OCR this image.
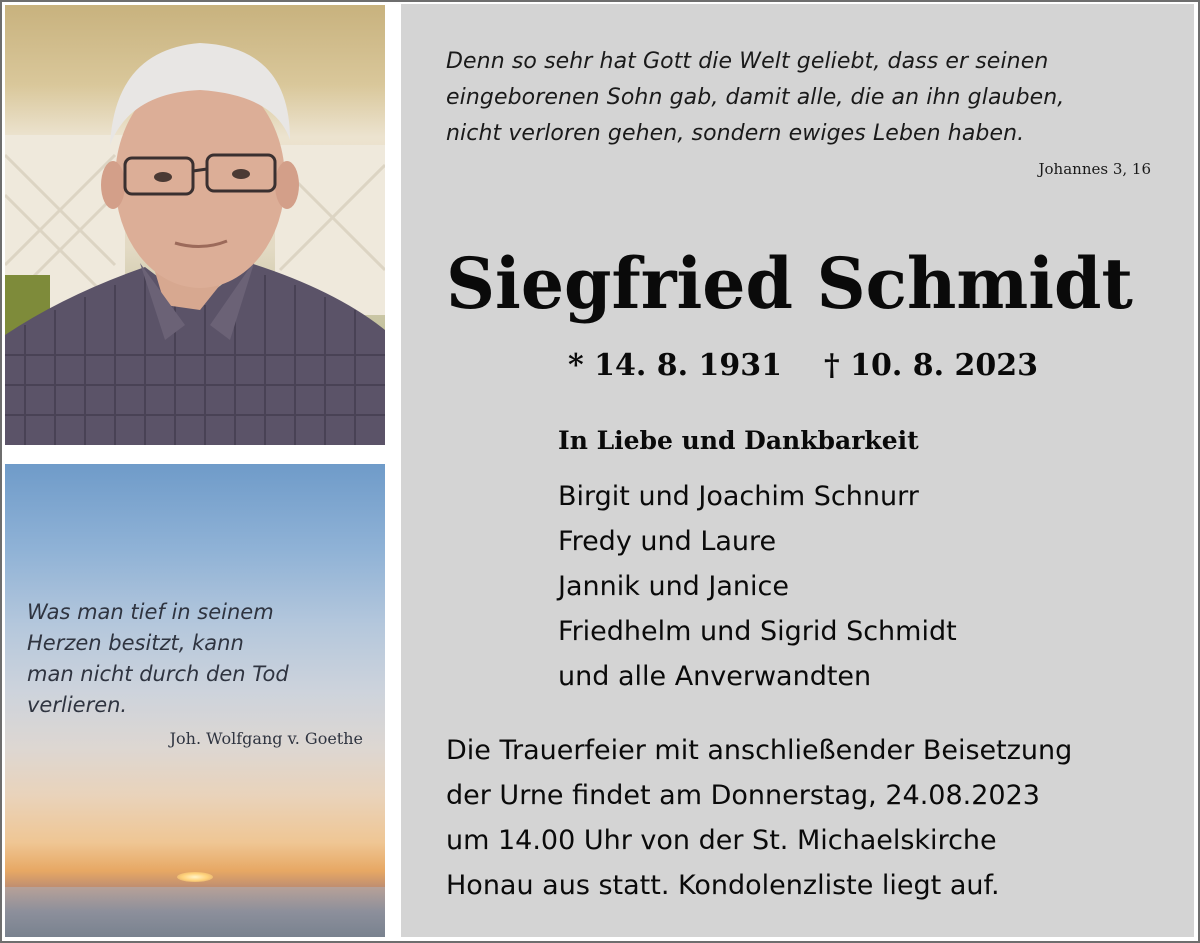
Was man tief in seinem
Herzen besitzt, kann
man nicht durch den Tod
verlieren.
Joh. Wolfgang v. Goethe
Denn so sehr hat Gott die Welt geliebt, dass er seinen
eingeborenen Sohn gab, damit alle, die an ihn glauben,
nicht verloren gehen, sondern ewiges Leben haben.
Johannes 3, 16
Siegfried Schmidt
* 14. 8. 1931 † 10. 8. 2023
In Liebe und Dankbarkeit
Birgit und Joachim Schnurr
Fredy und Laure
Jannik und Janice
Friedhelm und Sigrid Schmidt
und alle Anverwandten
Die Trauerfeier mit anschließender Beisetzung
der Urne findet am Donnerstag, 24.08.2023
um 14.00 Uhr von der St. Michaelskirche
Honau aus statt. Kondolenzliste liegt auf.
